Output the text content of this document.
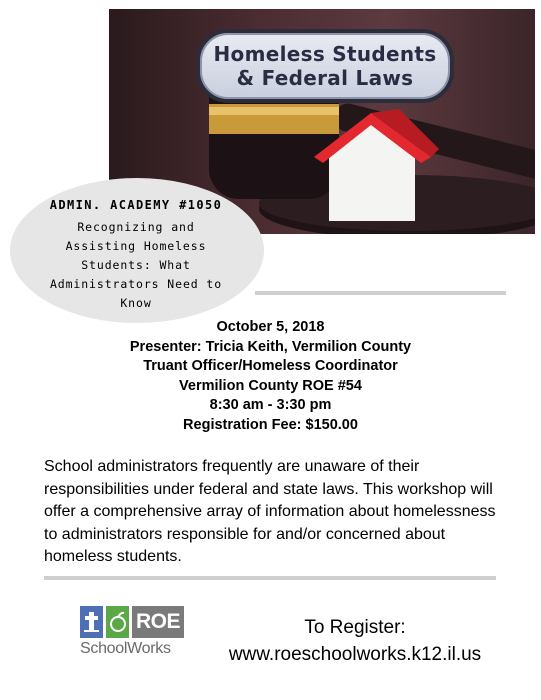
Homeless Students
& Federal Laws
ADMIN. ACADEMY #1050
Recognizing and
Assisting Homeless
Students: What
Administrators Need to
Know
October 5, 2018
Presenter: Tricia Keith, Vermilion County
Truant Officer/Homeless Coordinator
Vermilion County ROE #54
8:30 am - 3:30 pm
Registration Fee: $150.00
School administrators frequently are unaware of their responsibilities under federal and state laws. This workshop will offer a comprehensive array of information about homelessness to administrators responsible for and/or concerned about homeless students.
ROE
SchoolWorks
To Register:
www.roeschoolworks.k12.il.us
